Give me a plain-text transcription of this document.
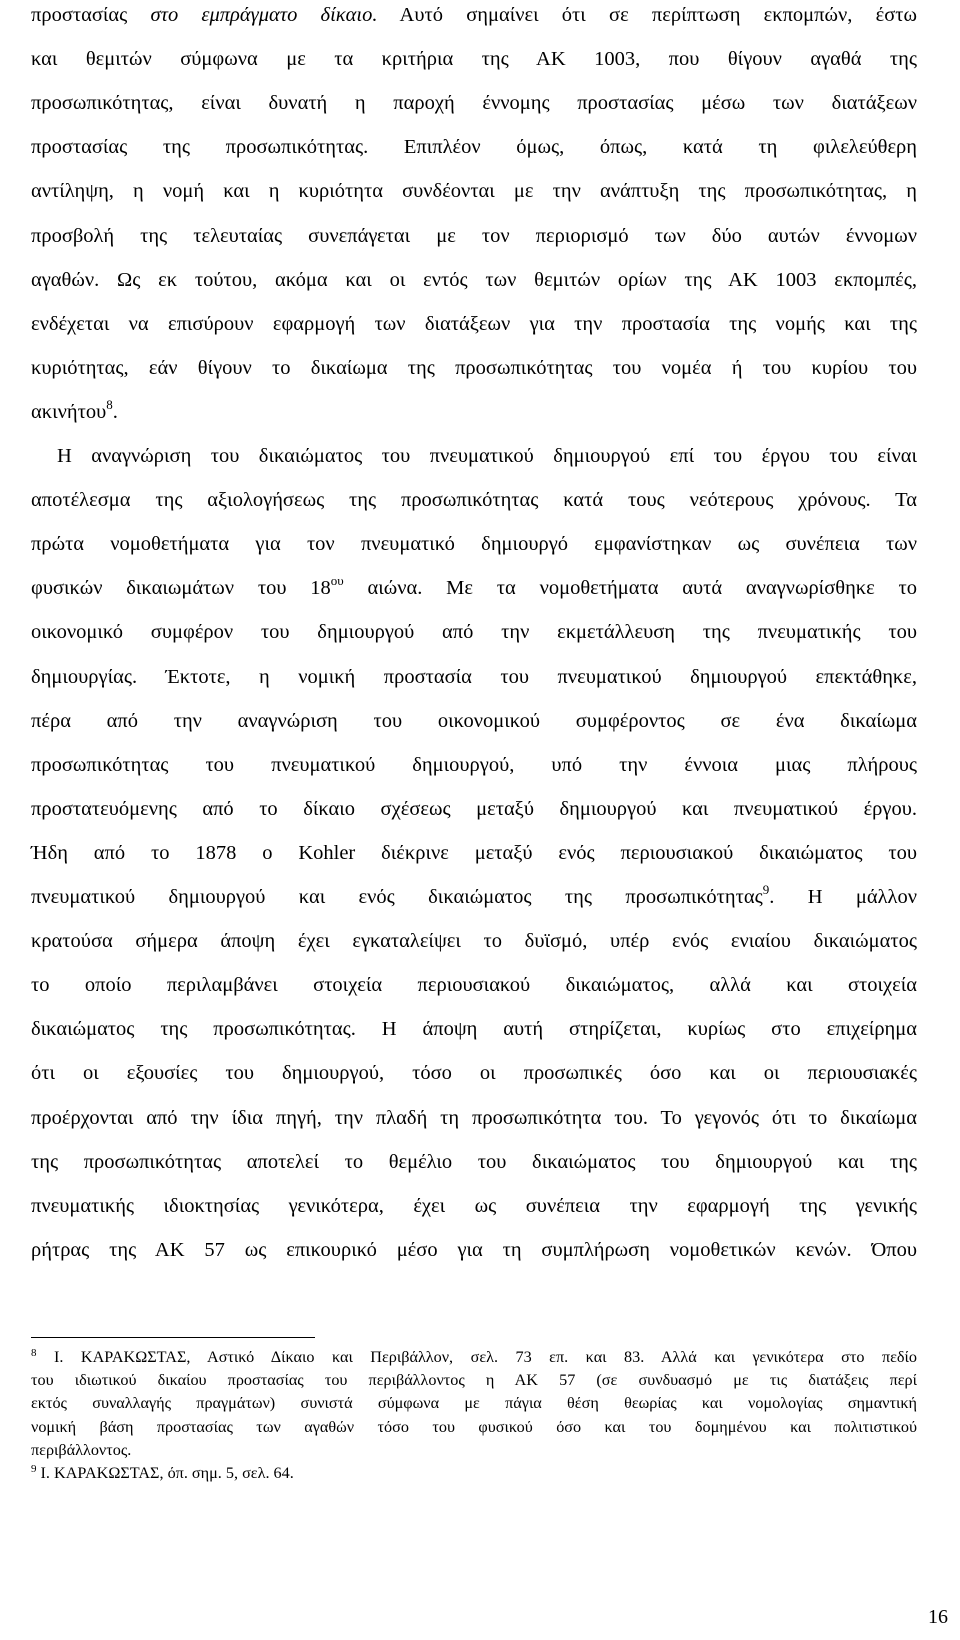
προστασίας στο εμπράγματο δίκαιο. Αυτό σημαίνει ότι σε περίπτωση εκπομπών, έστω
και θεμιτών σύμφωνα με τα κριτήρια της ΑΚ 1003, που θίγουν αγαθά της
προσωπικότητας, είναι δυνατή η παροχή έννομης προστασίας μέσω των διατάξεων
προστασίας της προσωπικότητας. Επιπλέον όμως, όπως, κατά τη φιλελεύθερη
αντίληψη, η νομή και η κυριότητα συνδέονται με την ανάπτυξη της προσωπικότητας, η
προσβολή της τελευταίας συνεπάγεται με τον περιορισμό των δύο αυτών έννομων
αγαθών. Ως εκ τούτου, ακόμα και οι εντός των θεμιτών ορίων της ΑΚ 1003 εκπομπές,
ενδέχεται να επισύρουν εφαρμογή των διατάξεων για την προστασία της νομής και της
κυριότητας, εάν θίγουν το δικαίωμα της προσωπικότητας του νομέα ή του κυρίου του
ακινήτου$^8$.
Η αναγνώριση του δικαιώματος του πνευματικού δημιουργού επί του έργου του είναι
αποτέλεσμα της αξιολογήσεως της προσωπικότητας κατά τους νεότερους χρόνους. Τα
πρώτα νομοθετήματα για τον πνευματικό δημιουργό εμφανίστηκαν ως συνέπεια των
φυσικών δικαιωμάτων του $18^{o\upsilon}$ αιώνα. Με τα νομοθετήματα αυτά αναγνωρίσθηκε το
οικονομικό συμφέρον του δημιουργού από την εκμετάλλευση της πνευματικής του
δημιουργίας. Έκτοτε, η νομική προστασία του πνευματικού δημιουργού επεκτάθηκε,
πέρα από την αναγνώριση του οικονομικού συμφέροντος σε ένα δικαίωμα
προσωπικότητας του πνευματικού δημιουργού, υπό την έννοια μιας πλήρους
προστατευόμενης από το δίκαιο σχέσεως μεταξύ δημιουργού και πνευματικού έργου.
Ήδη από το 1878 ο Kohler διέκρινε μεταξύ ενός περιουσιακού δικαιώματος του
πνευματικού δημιουργού και ενός δικαιώματος της προσωπικότητας$^9$. Η μάλλον
κρατούσα σήμερα άποψη έχει εγκαταλείψει το δυϊσμό, υπέρ ενός ενιαίου δικαιώματος
το οποίο περιλαμβάνει στοιχεία περιουσιακού δικαιώματος, αλλά και στοιχεία
δικαιώματος της προσωπικότητας. Η άποψη αυτή στηρίζεται, κυρίως στο επιχείρημα
ότι οι εξουσίες του δημιουργού, τόσο οι προσωπικές όσο και οι περιουσιακές
προέρχονται από την ίδια πηγή, την πλαδή τη προσωπικότητα του. Το γεγονός ότι το δικαίωμα
της προσωπικότητας αποτελεί το θεμέλιο του δικαιώματος του δημιουργού και της
πνευματικής ιδιοκτησίας γενικότερα, έχει ως συνέπεια την εφαρμογή της γενικής
ρήτρας της ΑΚ 57 ως επικουρικό μέσο για τη συμπλήρωση νομοθετικών κενών. Όπου
$^8$ Ι. ΚΑΡΑΚΩΣΤΑΣ, Αστικό Δίκαιο και Περιβάλλον, σελ. 73 επ. και 83. Αλλά και γενικότερα στο πεδίο
του ιδιωτικού δικαίου προστασίας του περιβάλλοντος η ΑΚ 57 (σε συνδυασμό με τις διατάξεις περί
εκτός συναλλαγής πραγμάτων) συνιστά σύμφωνα με πάγια θέση θεωρίας και νομολογίας σημαντική
νομική βάση προστασίας των αγαθών τόσο του φυσικού όσο και του δομημένου και πολιτιστικού
περιβάλλοντος.
$^9$ Ι. ΚΑΡΑΚΩΣΤΑΣ, όπ. σημ. 5, σελ. 64.
16
